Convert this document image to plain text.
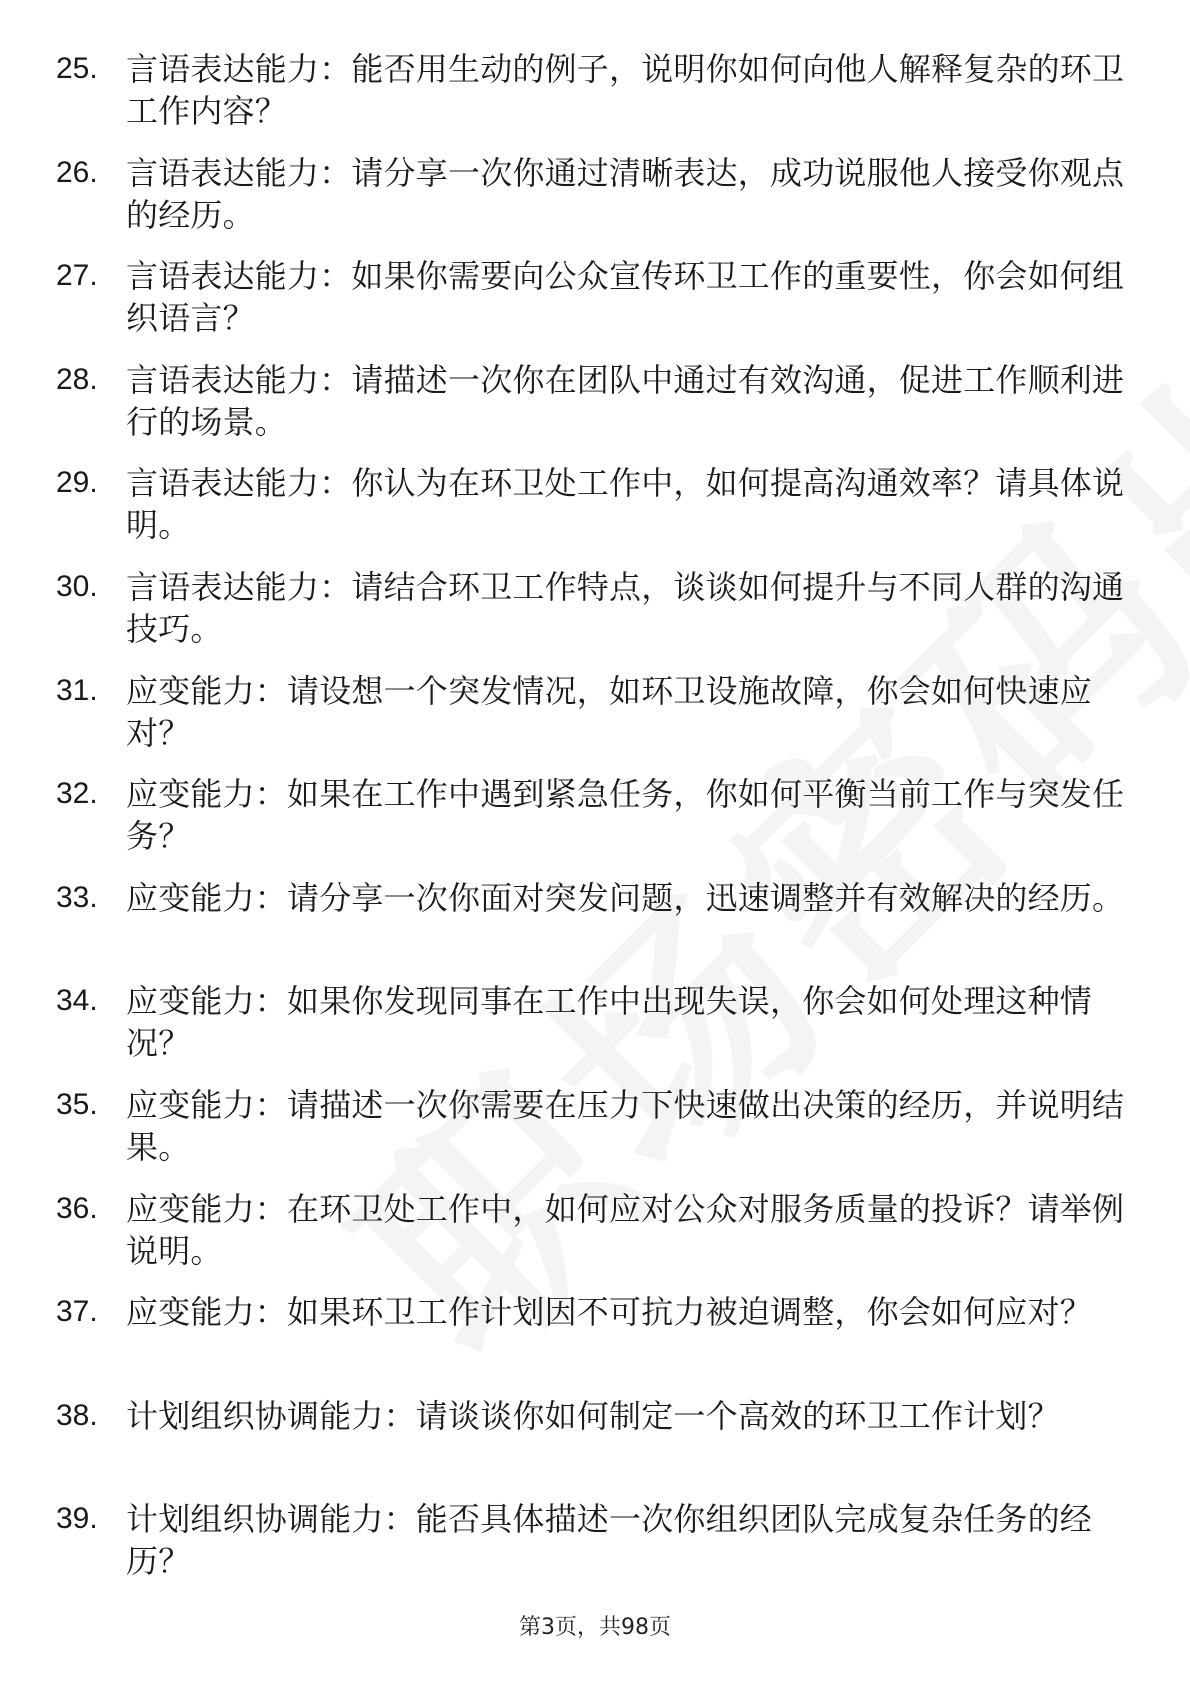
25. 言语表达能力：能否用生动的例子，说明你如何向他人解释复杂的环卫工作内容？
26. 言语表达能力：请分享一次你通过清晰表达，成功说服他人接受你观点的经历。
27. 言语表达能力：如果你需要向公众宣传环卫工作的重要性，你会如何组织语言？
28. 言语表达能力：请描述一次你在团队中通过有效沟通，促进工作顺利进行的场景。
29. 言语表达能力：你认为在环卫处工作中，如何提高沟通效率？请具体说明。
30. 言语表达能力：请结合环卫工作特点，谈谈如何提升与不同人群的沟通技巧。
31. 应变能力：请设想一个突发情况，如环卫设施故障，你会如何快速应对？
32. 应变能力：如果在工作中遇到紧急任务，你如何平衡当前工作与突发任务？
33. 应变能力：请分享一次你面对突发问题，迅速调整并有效解决的经历。
34. 应变能力：如果你发现同事在工作中出现失误，你会如何处理这种情况？
35. 应变能力：请描述一次你需要在压力下快速做出决策的经历，并说明结果。
36. 应变能力：在环卫处工作中，如何应对公众对服务质量的投诉？请举例说明。
37. 应变能力：如果环卫工作计划因不可抗力被迫调整，你会如何应对？
38. 计划组织协调能力：请谈谈你如何制定一个高效的环卫工作计划？
39. 计划组织协调能力：能否具体描述一次你组织团队完成复杂任务的经历？
第3页，共98页
